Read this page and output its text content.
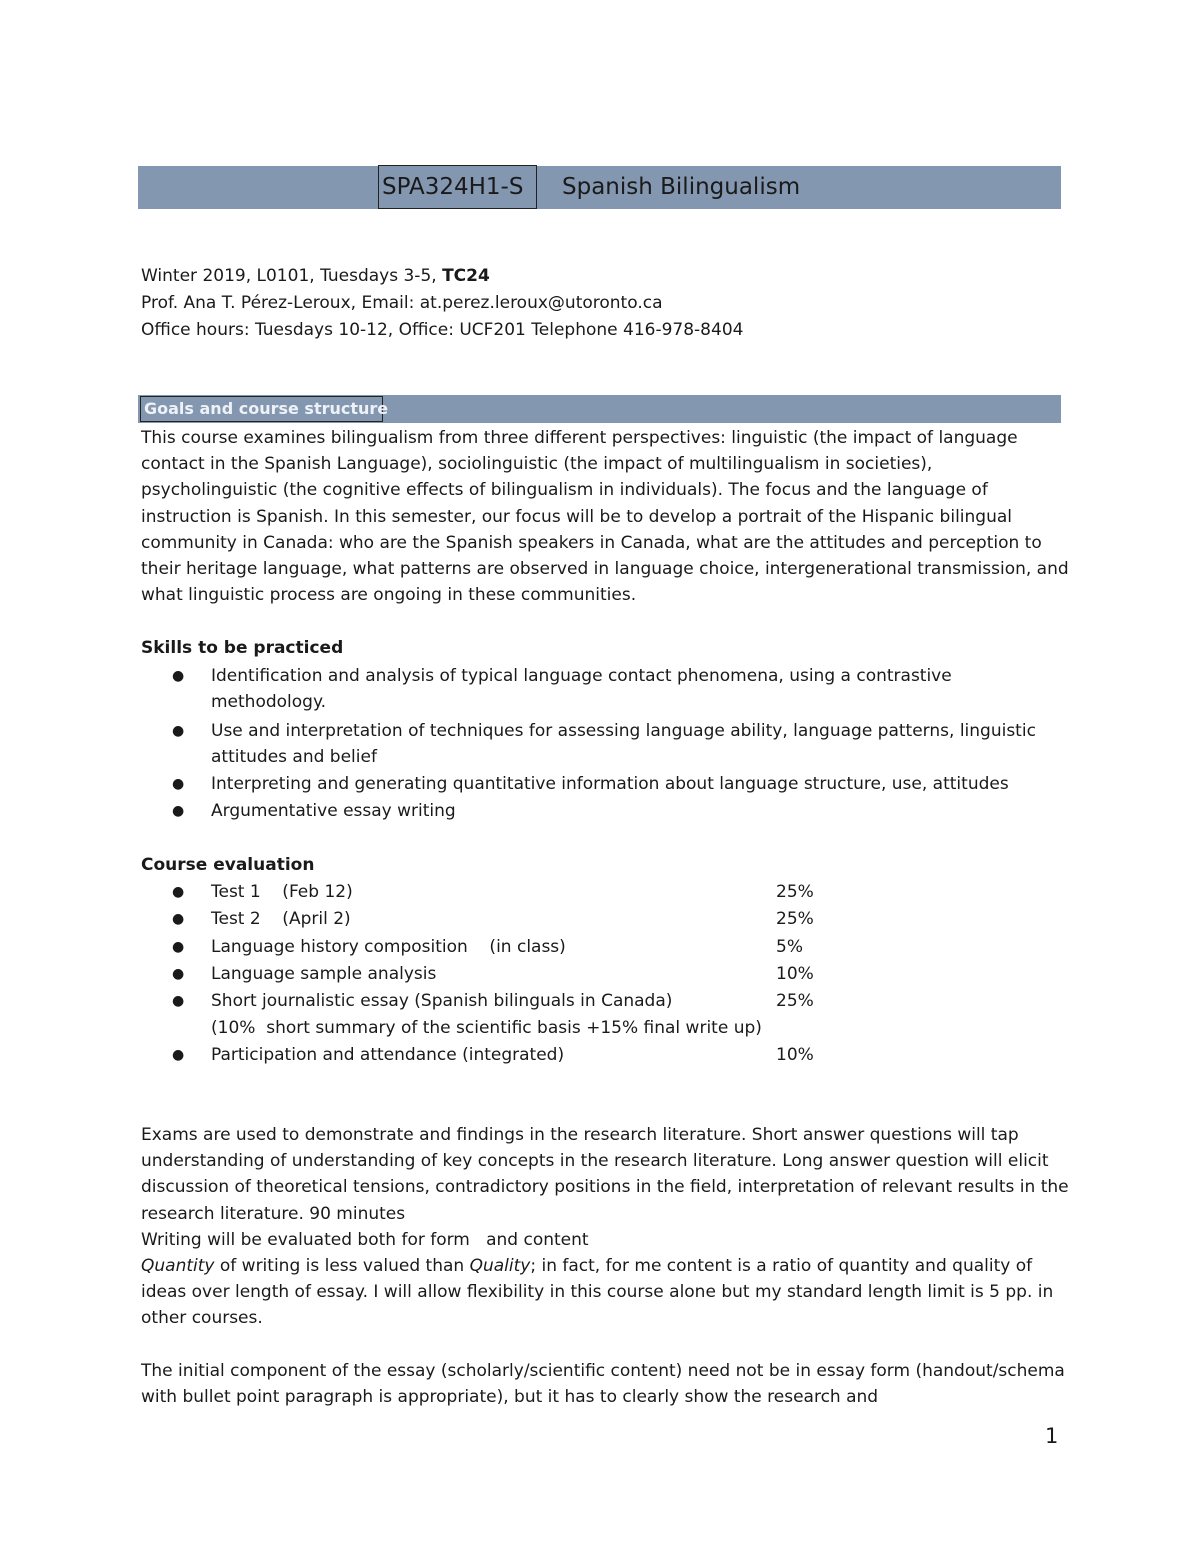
SPA324H1-S	Spanish Bilingualism
Winter 2019, L0101, Tuesdays 3-5, TC24
Prof. Ana T. Pérez-Leroux, Email: at.perez.leroux@utoronto.ca
Office hours: Tuesdays 10-12, Office: UCF201 Telephone 416-978-8404
Goals and course structure
This course examines bilingualism from three different perspectives: linguistic (the impact of language contact in the Spanish Language), sociolinguistic (the impact of multilingualism in societies), psycholinguistic (the cognitive effects of bilingualism in individuals). The focus and the language of instruction is Spanish. In this semester, our focus will be to develop a portrait of the Hispanic bilingual community in Canada: who are the Spanish speakers in Canada, what are the attitudes and perception to their heritage language, what patterns are observed in language choice, intergenerational transmission, and what linguistic process are ongoing in these communities.
Skills to be practiced
● Identification and analysis of typical language contact phenomena, using a contrastive methodology.
● Use and interpretation of techniques for assessing language ability, language patterns, linguistic attitudes and belief
● Interpreting and generating quantitative information about language structure, use, attitudes
● Argumentative essay writing
Course evaluation
● Test 1    (Feb 12)	25%
● Test 2    (April 2)	25%
● Language history composition    (in class)	5%
● Language sample analysis	10%
● Short journalistic essay (Spanish bilinguals in Canada)	25%
(10%  short summary of the scientific basis +15% final write up)
● Participation and attendance (integrated)	10%
Exams are used to demonstrate and findings in the research literature. Short answer questions will tap understanding of understanding of key concepts in the research literature. Long answer question will elicit discussion of theoretical tensions, contradictory positions in the field, interpretation of relevant results in the research literature. 90 minutes
Writing will be evaluated both for form   and content
Quantity of writing is less valued than Quality; in fact, for me content is a ratio of quantity and quality of ideas over length of essay. I will allow flexibility in this course alone but my standard length limit is 5 pp. in other courses.
The initial component of the essay (scholarly/scientific content) need not be in essay form (handout/schema with bullet point paragraph is appropriate), but it has to clearly show the research and
1
